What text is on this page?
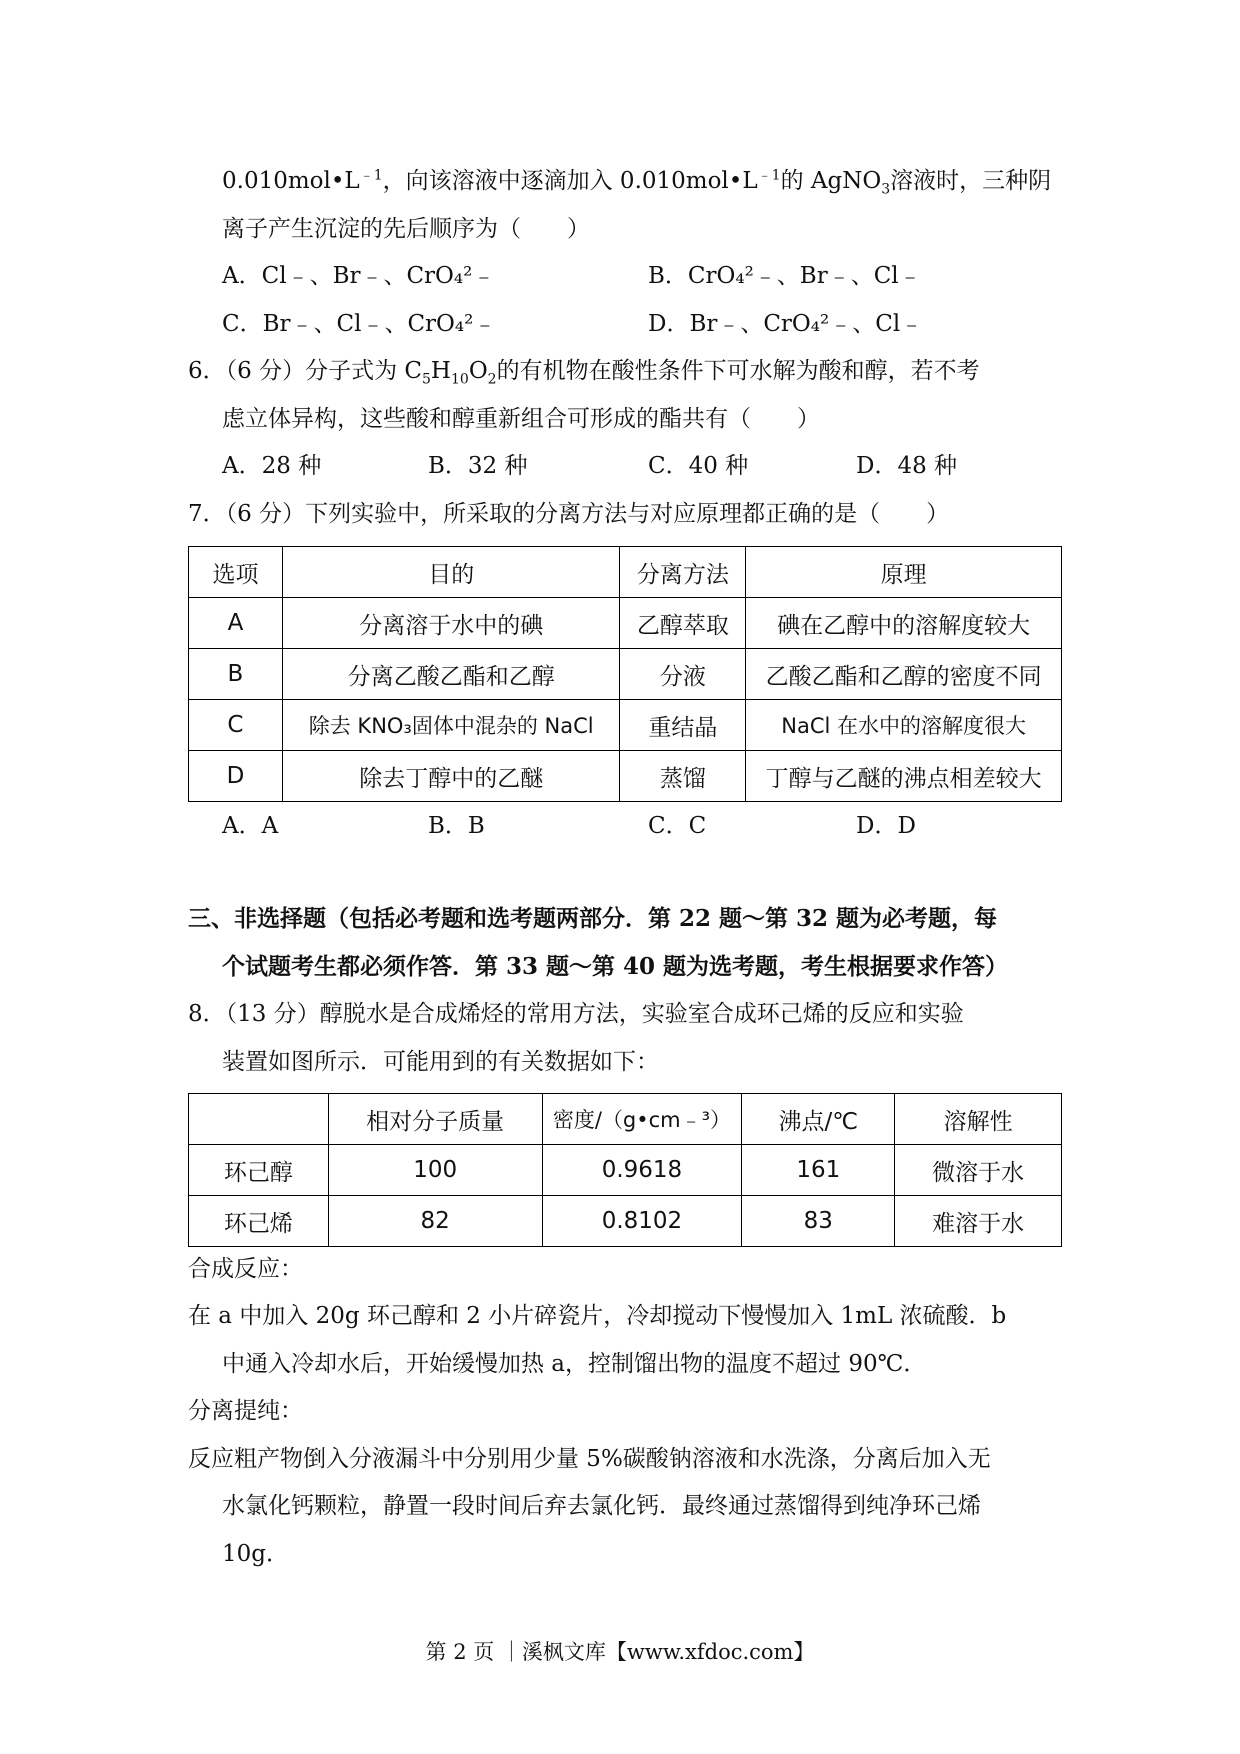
$0.010mol•L^{﹣1}$，向该溶液中逐滴加入 $0.010mol•L^{﹣1}$的 AgNO$_3$溶液时，三种阴
离子产生沉淀的先后顺序为（　　）
A．Cl﹣、Br﹣、CrO₄²﹣	B．CrO₄²﹣、Br﹣、Cl﹣
C．Br﹣、Cl﹣、CrO₄²﹣	D．Br﹣、CrO₄²﹣、Cl﹣
6．（6 分）分子式为 $C_5H_{10}O_2$的有机物在酸性条件下可水解为酸和醇，若不考
虑立体异构，这些酸和醇重新组合可形成的酯共有（　　）
A．28 种	B．32 种	C．40 种	D．48 种
7．（6 分）下列实验中，所采取的分离方法与对应原理都正确的是（　　）
选项	目的	分离方法	原理
A	分离溶于水中的碘	乙醇萃取	碘在乙醇中的溶解度较大
B	分离乙酸乙酯和乙醇	分液	乙酸乙酯和乙醇的密度不同
C	除去 KNO₃固体中混杂的 NaCl	重结晶	NaCl 在水中的溶解度很大
D	除去丁醇中的乙醚	蒸馏	丁醇与乙醚的沸点相差较大
A．A	B．B	C．C	D．D
三、非选择题（包括必考题和选考题两部分．第 22 题～第 32 题为必考题，每
个试题考生都必须作答．第 33 题～第 40 题为选考题，考生根据要求作答）
8．（13 分）醇脱水是合成烯烃的常用方法，实验室合成环己烯的反应和实验
装置如图所示．可能用到的有关数据如下：
	相对分子质量	密度/（g•cm﹣³）	沸点/℃	溶解性
环己醇	100	0.9618	161	微溶于水
环己烯	82	0.8102	83	难溶于水
合成反应：
在 a 中加入 20g 环己醇和 2 小片碎瓷片，冷却搅动下慢慢加入 1mL 浓硫酸．b
中通入冷却水后，开始缓慢加热 a，控制馏出物的温度不超过 90℃．
分离提纯：
反应粗产物倒入分液漏斗中分别用少量 5%碳酸钠溶液和水洗涤，分离后加入无
水氯化钙颗粒，静置一段时间后弃去氯化钙．最终通过蒸馏得到纯净环己烯
10g．
第 2 页 ｜溪枫文库【www.xfdoc.com】
